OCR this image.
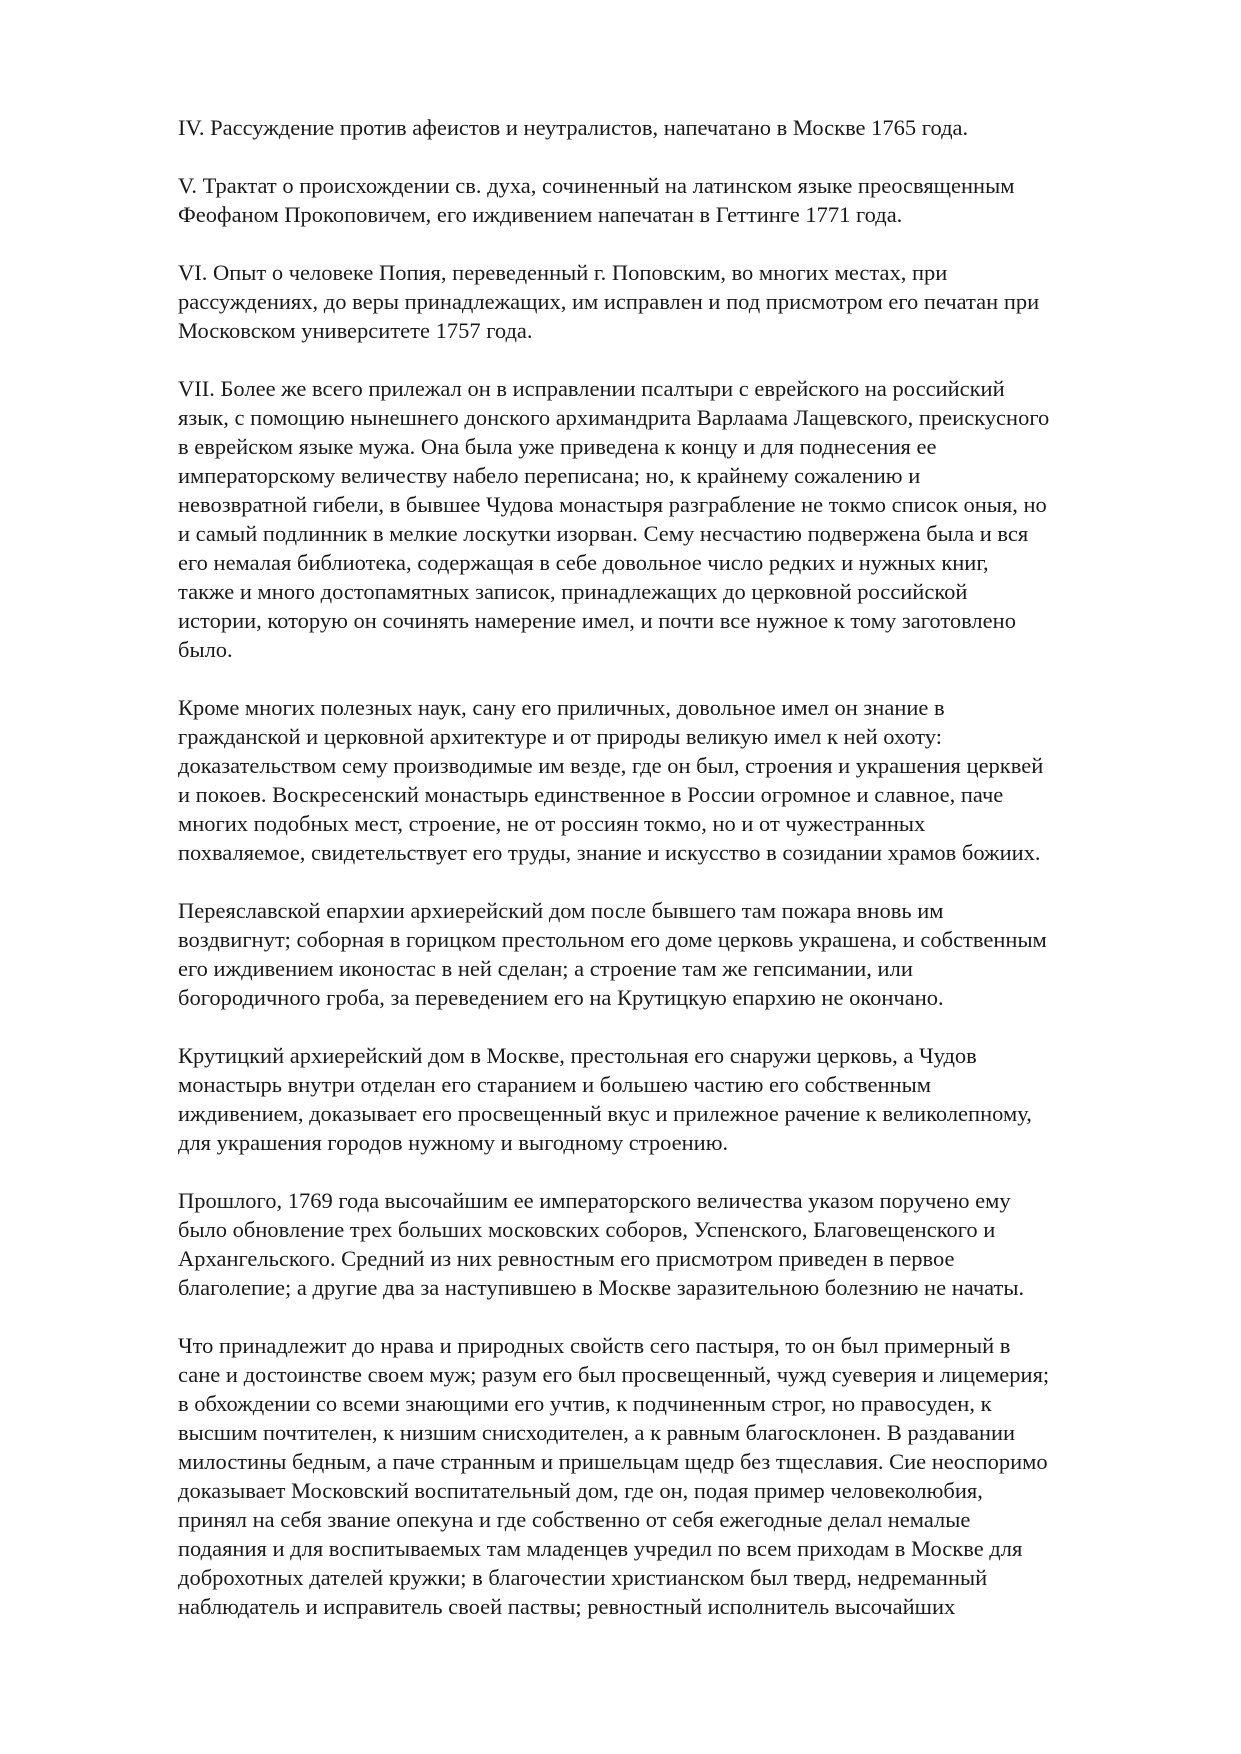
IV. Рассуждение против афеистов и неутралистов, напечатано в Москве 1765 года.

V. Трактат о происхождении св. духа, сочиненный на латинском языке преосвященным
Феофаном Прокоповичем, его иждивением напечатан в Геттинге 1771 года.

VI. Опыт о человеке Попия, переведенный г. Поповским, во многих местах, при
рассуждениях, до веры принадлежащих, им исправлен и под присмотром его печатан при
Московском университете 1757 года.

VII. Более же всего прилежал он в исправлении псалтыри с еврейского на российский
язык, с помощию нынешнего донского архимандрита Варлаама Лащевского, преискусного
в еврейском языке мужа. Она была уже приведена к концу и для поднесения ее
императорскому величеству набело переписана; но, к крайнему сожалению и
невозвратной гибели, в бывшее Чудова монастыря разграбление не токмо список оныя, но
и самый подлинник в мелкие лоскутки изорван. Сему несчастию подвержена была и вся
его немалая библиотека, содержащая в себе довольное число редких и нужных книг,
также и много достопамятных записок, принадлежащих до церковной российской
истории, которую он сочинять намерение имел, и почти все нужное к тому заготовлено
было.

Кроме многих полезных наук, сану его приличных, довольное имел он знание в
гражданской и церковной архитектуре и от природы великую имел к ней охоту:
доказательством сему производимые им везде, где он был, строения и украшения церквей
и покоев. Воскресенский монастырь единственное в России огромное и славное, паче
многих подобных мест, строение, не от россиян токмо, но и от чужестранных
похваляемое, свидетельствует его труды, знание и искусство в созидании храмов божиих.

Переяславской епархии архиерейский дом после бывшего там пожара вновь им
воздвигнут; соборная в горицком престольном его доме церковь украшена, и собственным
его иждивением иконостас в ней сделан; а строение там же гепсимании, или
богородичного гроба, за переведением его на Крутицкую епархию не окончано.

Крутицкий архиерейский дом в Москве, престольная его снаружи церковь, а Чудов
монастырь внутри отделан его старанием и большею частию его собственным
иждивением, доказывает его просвещенный вкус и прилежное рачение к великолепному,
для украшения городов нужному и выгодному строению.

Прошлого, 1769 года высочайшим ее императорского величества указом поручено ему
было обновление трех больших московских соборов, Успенского, Благовещенского и
Архангельского. Средний из них ревностным его присмотром приведен в первое
благолепие; а другие два за наступившею в Москве заразительною болезнию не начаты.

Что принадлежит до нрава и природных свойств сего пастыря, то он был примерный в
сане и достоинстве своем муж; разум его был просвещенный, чужд суеверия и лицемерия;
в обхождении со всеми знающими его учтив, к подчиненным строг, но правосуден, к
высшим почтителен, к низшим снисходителен, а к равным благосклонен. В раздавании
милостины бедным, а паче странным и пришельцам щедр без тщеславия. Сие неоспоримо
доказывает Московский воспитательный дом, где он, подая пример человеколюбия,
принял на себя звание опекуна и где собственно от себя ежегодные делал немалые
подаяния и для воспитываемых там младенцев учредил по всем приходам в Москве для
доброхотных дателей кружки; в благочестии христианском был тверд, недреманный
наблюдатель и исправитель своей паствы; ревностный исполнитель высочайших
